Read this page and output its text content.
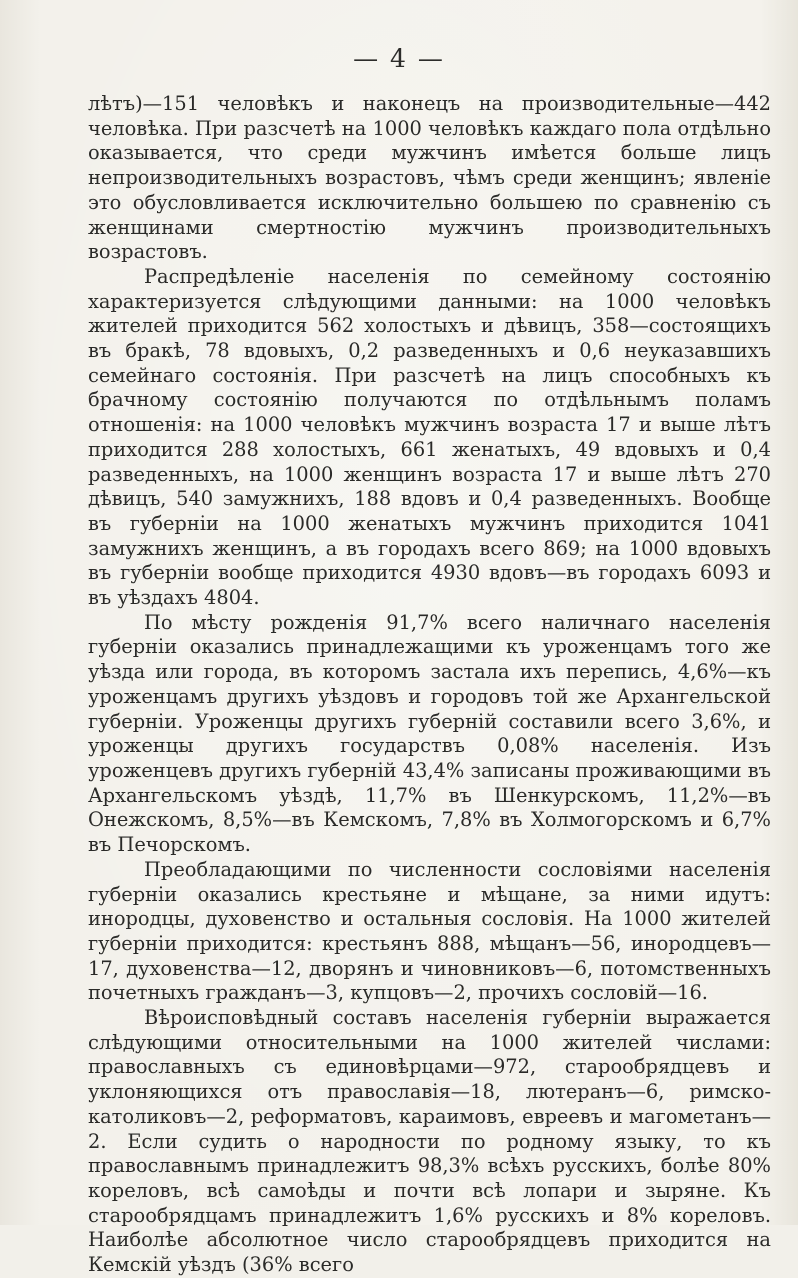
— 4 —

лѣтъ)—151 человѣкъ и наконецъ на производительные—442 человѣка. При разсчетѣ на 1000 человѣкъ каждаго пола отдѣльно оказывается, что среди мужчинъ имѣется больше лицъ непроизводительныхъ возрастовъ, чѣмъ среди женщинъ; явленіе это обусловливается исключительно большею по сравненію съ женщинами смертностію мужчинъ производительныхъ возрастовъ.

Распредѣленіе населенія по семейному состоянію характеризуется слѣдующими данными: на 1000 человѣкъ жителей приходится 562 холостыхъ и дѣвицъ, 358—состоящихъ въ бракѣ, 78 вдовыхъ, 0,2 разведенныхъ и 0,6 неуказавшихъ семейнаго состоянія. При разсчетѣ на лицъ способныхъ къ брачному состоянію получаются по отдѣльнымъ поламъ отношенія: на 1000 человѣкъ мужчинъ возраста 17 и выше лѣтъ приходится 288 холостыхъ, 661 женатыхъ, 49 вдовыхъ и 0,4 разведенныхъ, на 1000 женщинъ возраста 17 и выше лѣтъ 270 дѣвицъ, 540 замужнихъ, 188 вдовъ и 0,4 разведенныхъ. Вообще въ губерніи на 1000 женатыхъ мужчинъ приходится 1041 замужнихъ женщинъ, а въ городахъ всего 869; на 1000 вдовыхъ въ губерніи вообще приходится 4930 вдовъ—въ городахъ 6093 и въ уѣздахъ 4804.

По мѣсту рожденія 91,7% всего наличнаго населенія губерніи оказались принадлежащими къ уроженцамъ того же уѣзда или города, въ которомъ застала ихъ перепись, 4,6%—къ уроженцамъ другихъ уѣздовъ и городовъ той же Архангельской губерніи. Уроженцы другихъ губерній составили всего 3,6%, и уроженцы другихъ государствъ 0,08% населенія. Изъ уроженцевъ другихъ губерній 43,4% записаны проживающими въ Архангельскомъ уѣздѣ, 11,7% въ Шенкурскомъ, 11,2%—въ Онежскомъ, 8,5%—въ Кемскомъ, 7,8% въ Холмогорскомъ и 6,7% въ Печорскомъ.

Преобладающими по численности сословіями населенія губерніи оказались крестьяне и мѣщане, за ними идутъ: инородцы, духовенство и остальныя сословія. На 1000 жителей губерніи приходится: крестьянъ 888, мѣщанъ—56, инородцевъ—17, духовенства—12, дворянъ и чиновниковъ—6, потомственныхъ почетныхъ гражданъ—3, купцовъ—2, прочихъ сословій—16.

Вѣроисповѣдный составъ населенія губерніи выражается слѣдующими относительными на 1000 жителей числами: православныхъ съ единовѣрцами—972, старообрядцевъ и уклоняющихся отъ православія—18, лютеранъ—6, римско-католиковъ—2, реформатовъ, караимовъ, евреевъ и магометанъ—2. Если судить о народности по родному языку, то къ православнымъ принадлежитъ 98,3% всѣхъ русскихъ, болѣе 80% кореловъ, всѣ самоѣды и почти всѣ лопари и зыряне. Къ старообрядцамъ принадлежитъ 1,6% русскихъ и 8% кореловъ. Наиболѣе абсолютное число старообрядцевъ приходится на Кемскій уѣздъ (36% всего
